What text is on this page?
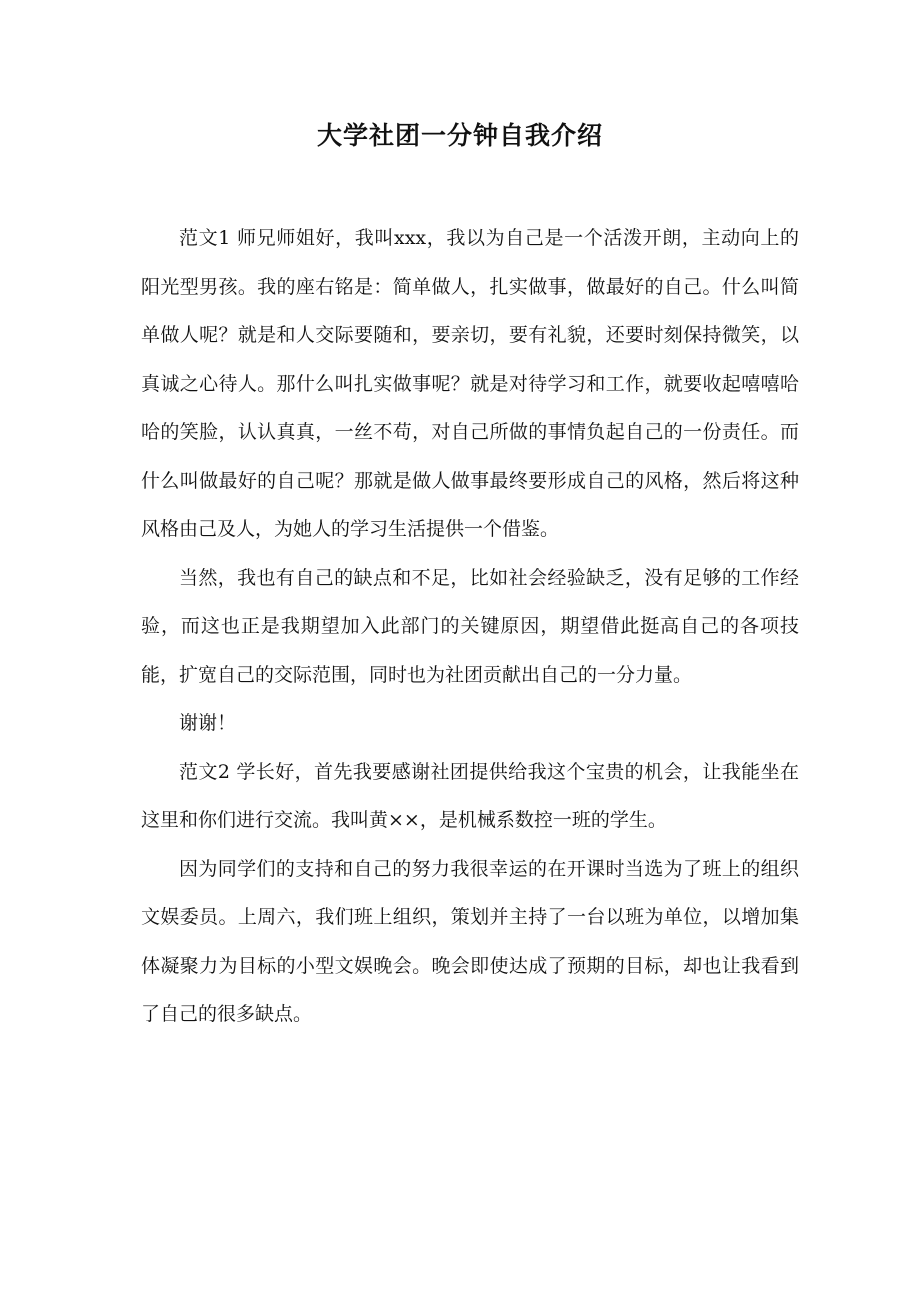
大学社团一分钟自我介绍

范文1 师兄师姐好，我叫xxx，我以为自己是一个活泼开朗，主动向上的阳光型男孩。我的座右铭是：简单做人，扎实做事，做最好的自己。什么叫简单做人呢？就是和人交际要随和，要亲切，要有礼貌，还要时刻保持微笑，以真诚之心待人。那什么叫扎实做事呢？就是对待学习和工作，就要收起嘻嘻哈哈的笑脸，认认真真，一丝不苟，对自己所做的事情负起自己的一份责任。而什么叫做最好的自己呢？那就是做人做事最终要形成自己的风格，然后将这种风格由己及人，为她人的学习生活提供一个借鉴。

当然，我也有自己的缺点和不足，比如社会经验缺乏，没有足够的工作经验，而这也正是我期望加入此部门的关键原因，期望借此挺高自己的各项技能，扩宽自己的交际范围，同时也为社团贡献出自己的一分力量。

谢谢！

范文2 学长好，首先我要感谢社团提供给我这个宝贵的机会，让我能坐在这里和你们进行交流。我叫黄××，是机械系数控一班的学生。

因为同学们的支持和自己的努力我很幸运的在开课时当选为了班上的组织文娱委员。上周六，我们班上组织，策划并主持了一台以班为单位，以增加集体凝聚力为目标的小型文娱晚会。晚会即使达成了预期的目标，却也让我看到了自己的很多缺点。
